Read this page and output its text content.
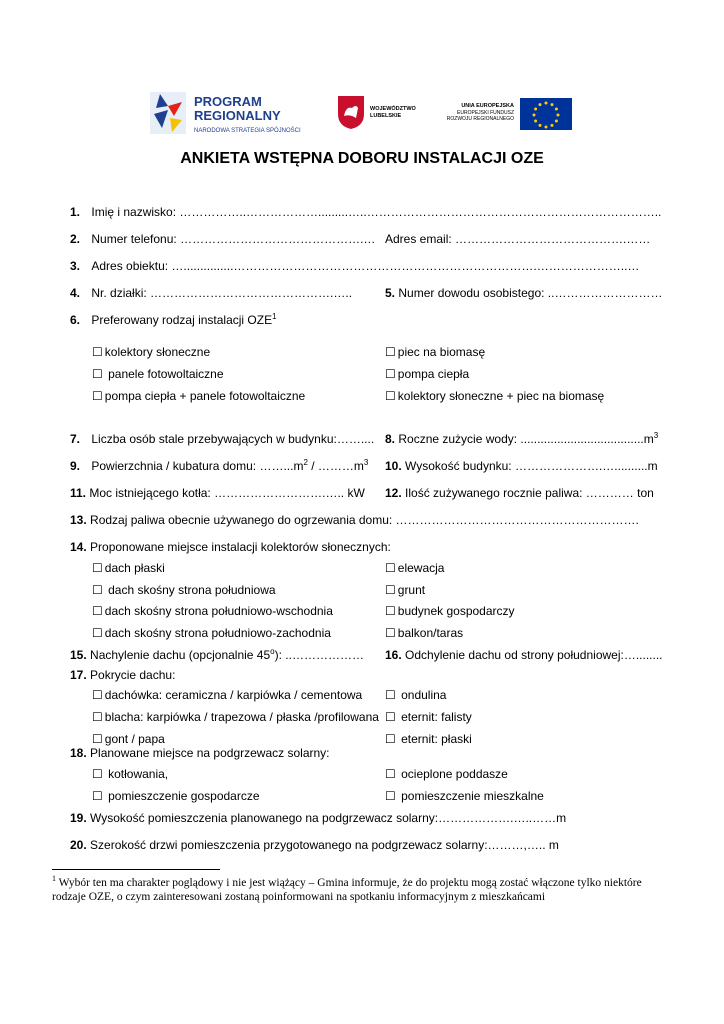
PROGRAM
REGIONALNY
NARODOWA STRATEGIA SPÓJNOŚCI
WOJEWÓDZTWO
LUBELSKIE
UNIA EUROPEJSKA
EUROPEJSKI FUNDUSZ
ROZWOJU REGIONALNEGO
ANKIETA WSTĘPNA DOBORU INSTALACJI OZE
1. Imię i nazwisko: ……………..……………….........…..………………………………………………………………..
2. Numer telefonu: ……………………………………….… Adres email: …………………………………….……
3. Adres obiektu: …...............………………………………………………………………….…………………..…
4. Nr. działki: ……………………………………….…..	5. Numer dowodu osobistego: ..………………………
6. Preferowany rodzaj instalacji OZE$^1$
☐ kolektory słoneczne	☐ piec na biomasę
☐ panele fotowoltaiczne	☐ pompa ciepła
☐ pompa ciepła + panele fotowoltaiczne	☐ kolektory słoneczne + piec na biomasę
7. Liczba osób stale przebywających w budynku:…….... 8. Roczne zużycie wody: $.....................................m^3$
9. Powierzchnia / kubatura domu: $\dots\dots...m^2$ / $\dots\dots\dots m^3$ 10. Wysokość budynku: ………………….…..........m
11. Moc istniejącego kotła: ……………………….….. kW 12. Ilość zużywanego rocznie paliwa: ………… ton
13. Rodzaj paliwa obecnie używanego do ogrzewania domu: …………………………………………………….
14. Proponowane miejsce instalacji kolektorów słonecznych:
☐ dach płaski	☐ elewacja
☐ dach skośny strona południowa	☐ grunt
☐ dach skośny strona południowo-wschodnia	☐ budynek gospodarczy
☐ dach skośny strona południowo-zachodnia	☐ balkon/taras
15. Nachylenie dachu (opcjonalnie 45$^o$): ..……………… 16. Odchylenie dachu od strony południowej:…........
17. Pokrycie dachu:
☐ dachówka: ceramiczna / karpiówka / cementowa ☐ ondulina
☐ blacha: karpiówka / trapezowa / płaska /profilowana ☐ eternit: falisty
☐ gont / papa	☐ eternit: płaski
18. Planowane miejsce na podgrzewacz solarny:
☐ kotłowania,	☐ ocieplone poddasze
☐ pomieszczenie gospodarcze	☐ pomieszczenie mieszkalne
19. Wysokość pomieszczenia planowanego na podgrzewacz solarny:……………….…..……m
20. Szerokość drzwi pomieszczenia przygotowanego na podgrzewacz solarny:………,….. m
$^1$ Wybór ten ma charakter poglądowy i nie jest wiążący – Gmina informuje, że do projektu mogą zostać włączone tylko niektóre rodzaje OZE, o czym zainteresowani zostaną poinformowani na spotkaniu informacyjnym z mieszkańcami
